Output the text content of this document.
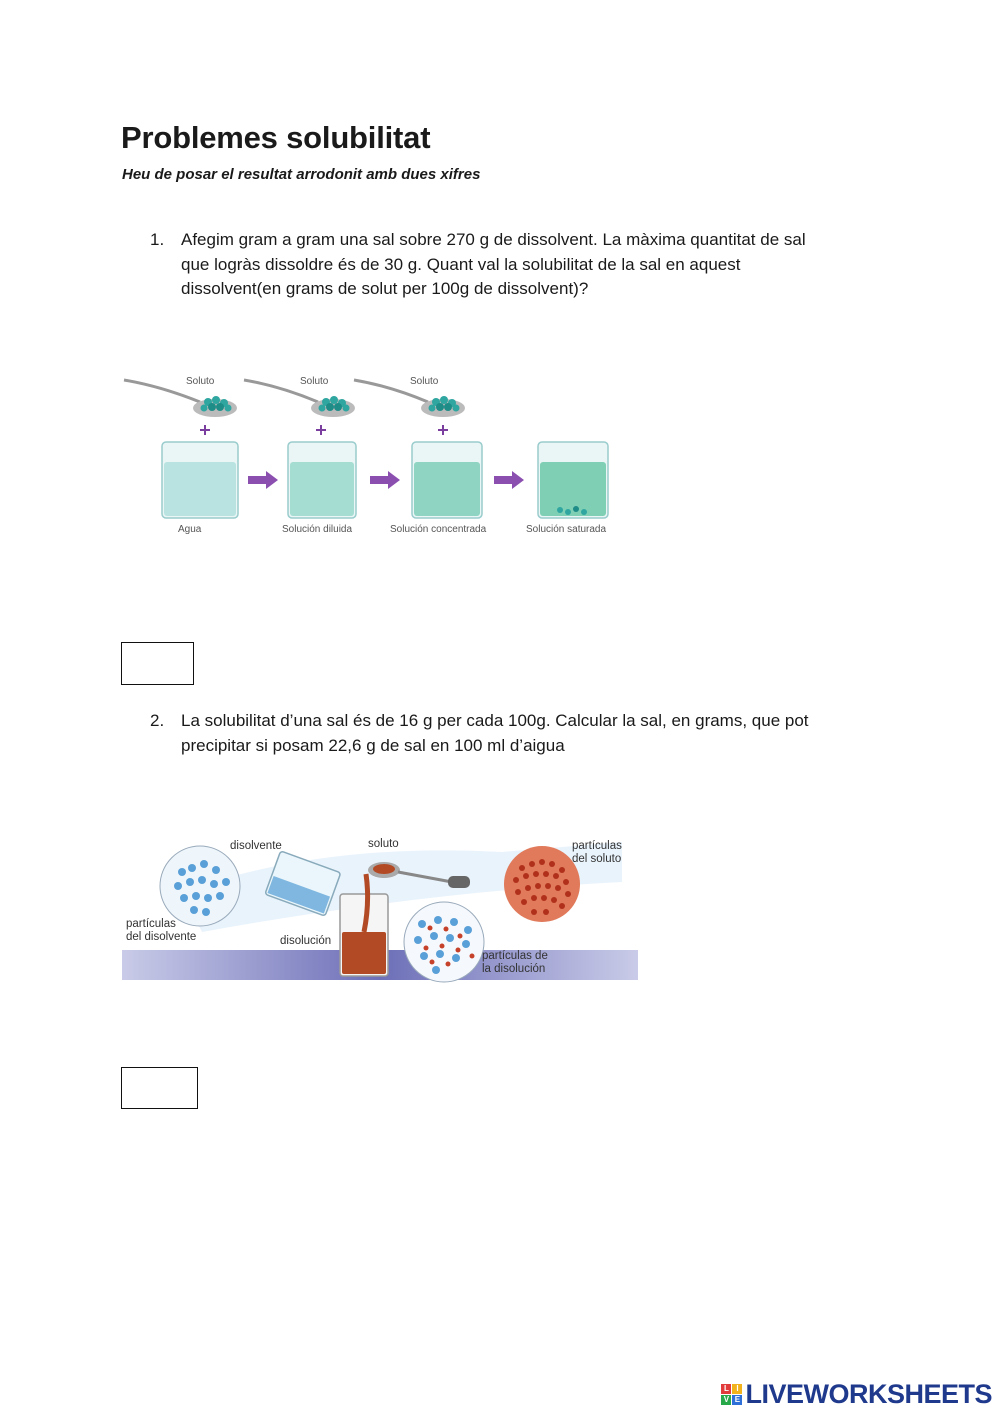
Problemes solubilitat
Heu de posar el resultat arrodonit amb dues xifres
1. Afegim gram a gram una sal sobre 270 g de dissolvent. La màxima quantitat de sal
que logràs dissoldre és de 30 g. Quant val la solubilitat de la sal en aquest
dissolvent(en grams de solut per 100g de dissolvent)?
Soluto	Soluto	Soluto
Agua	Solución diluida	Solución concentrada	Solución saturada
2. La solubilitat d’una sal és de 16 g per cada 100g. Calcular la sal, en grams, que pot
precipitar si posam 22,6 g de sal en 100 ml d’aigua
disolvente	soluto	partículas
del soluto
partículas
del disolvente	disolución
partículas de
la disolución
L I
V E LIVEWORKSHEETS
